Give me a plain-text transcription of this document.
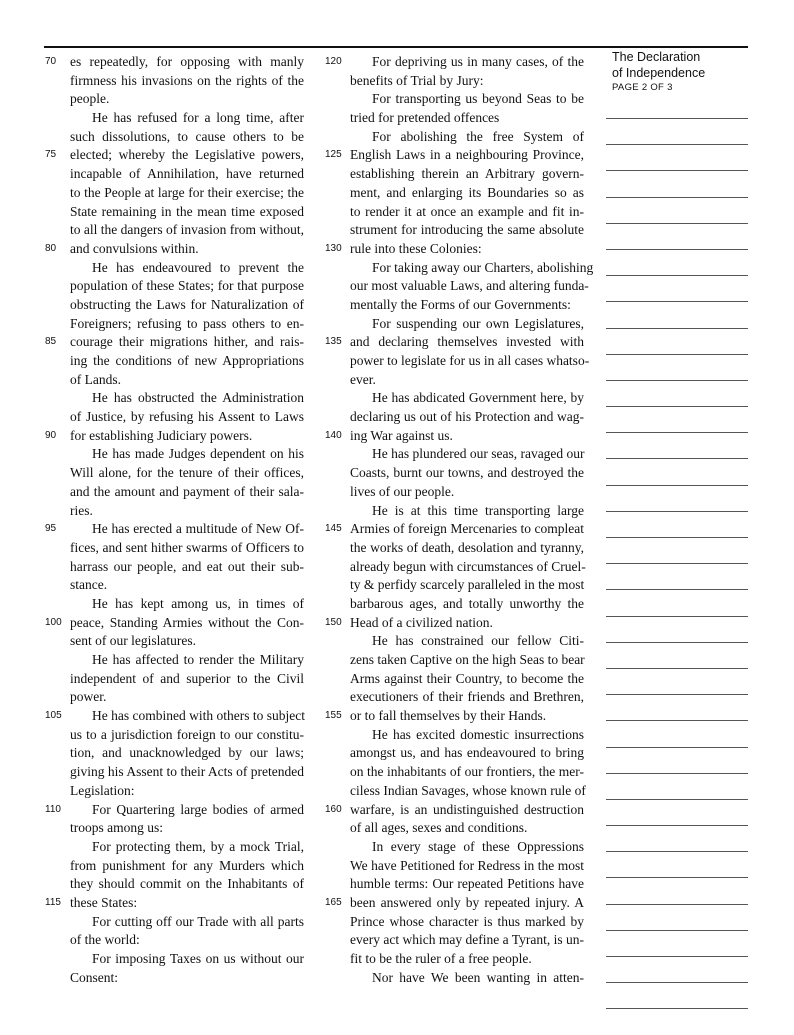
70	es repeatedly, for opposing with manly
firmness his invasions on the rights of the
people.
He has refused for a long time, after
such dissolutions, to cause others to be
75	elected; whereby the Legislative powers,
incapable of Annihilation, have returned
to the People at large for their exercise; the
State remaining in the mean time exposed
to all the dangers of invasion from without,
80	and convulsions within.
He has endeavoured to prevent the
population of these States; for that purpose
obstructing the Laws for Naturalization of
Foreigners; refusing to pass others to en-
85	courage their migrations hither, and rais-
ing the conditions of new Appropriations
of Lands.
He has obstructed the Administration
of Justice, by refusing his Assent to Laws
90	for establishing Judiciary powers.
He has made Judges dependent on his
Will alone, for the tenure of their offices,
and the amount and payment of their sala-
ries.
95	He has erected a multitude of New Of-
fices, and sent hither swarms of Officers to
harrass our people, and eat out their sub-
stance.
He has kept among us, in times of
100 peace, Standing Armies without the Con-
sent of our legislatures.
He has affected to render the Military
independent of and superior to the Civil
power.
105 He has combined with others to subject
us to a jurisdiction foreign to our constitu-
tion, and unacknowledged by our laws;
giving his Assent to their Acts of pretended
Legislation:
110 For Quartering large bodies of armed
troops among us:
For protecting them, by a mock Trial,
from punishment for any Murders which
they should commit on the Inhabitants of
115 these States:
For cutting off our Trade with all parts
of the world:
For imposing Taxes on us without our
Consent:
120 For depriving us in many cases, of the
benefits of Trial by Jury:
For transporting us beyond Seas to be
tried for pretended offences
For abolishing the free System of
125 English Laws in a neighbouring Province,
establishing therein an Arbitrary govern-
ment, and enlarging its Boundaries so as
to render it at once an example and fit in-
strument for introducing the same absolute
130 rule into these Colonies:
For taking away our Charters, abolishing
our most valuable Laws, and altering funda-
mentally the Forms of our Governments:
For suspending our own Legislatures,
135 and declaring themselves invested with
power to legislate for us in all cases whatso-
ever.
He has abdicated Government here, by
declaring us out of his Protection and wag-
140 ing War against us.
He has plundered our seas, ravaged our
Coasts, burnt our towns, and destroyed the
lives of our people.
He is at this time transporting large
145 Armies of foreign Mercenaries to compleat
the works of death, desolation and tyranny,
already begun with circumstances of Cruel-
ty & perfidy scarcely paralleled in the most
barbarous ages, and totally unworthy the
150 Head of a civilized nation.
He has constrained our fellow Citi-
zens taken Captive on the high Seas to bear
Arms against their Country, to become the
executioners of their friends and Brethren,
155 or to fall themselves by their Hands.
He has excited domestic insurrections
amongst us, and has endeavoured to bring
on the inhabitants of our frontiers, the mer-
ciless Indian Savages, whose known rule of
160 warfare, is an undistinguished destruction
of all ages, sexes and conditions.
In every stage of these Oppressions
We have Petitioned for Redress in the most
humble terms: Our repeated Petitions have
165 been answered only by repeated injury. A
Prince whose character is thus marked by
every act which may define a Tyrant, is un-
fit to be the ruler of a free people.
Nor have We been wanting in atten-
The Declaration
of Independence
PAGE 2 OF 3
